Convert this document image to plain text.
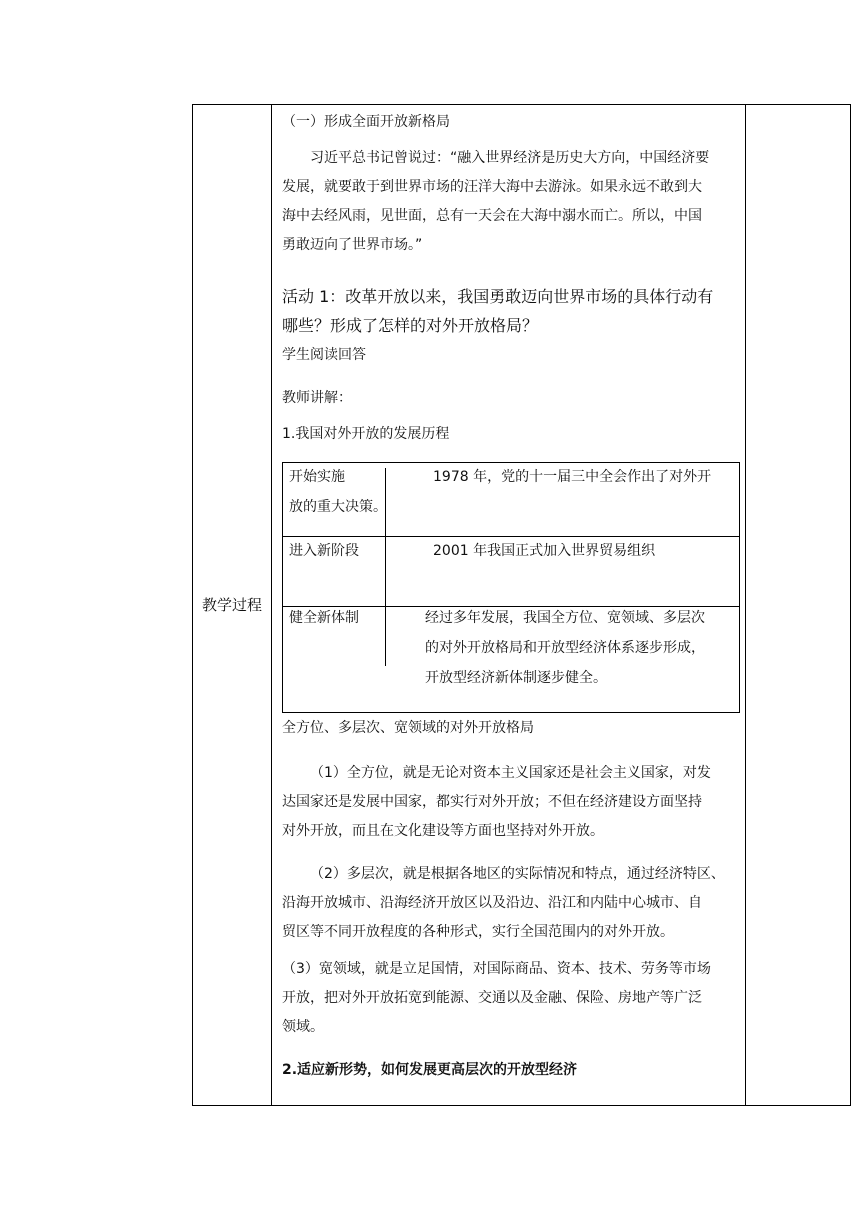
教学过程
（一）形成全面开放新格局
习近平总书记曾说过：“融入世界经济是历史大方向，中国经济要
发展，就要敢于到世界市场的汪洋大海中去游泳。如果永远不敢到大
海中去经风雨，见世面，总有一天会在大海中溺水而亡。所以，中国
勇敢迈向了世界市场。”
活动 1：改革开放以来，我国勇敢迈向世界市场的具体行动有
哪些？形成了怎样的对外开放格局？
学生阅读回答
教师讲解：
1.我国对外开放的发展历程
开始实施
放的重大决策。
1978 年，党的十一届三中全会作出了对外开
进入新阶段	2001 年我国正式加入世界贸易组织
健全新体制	经过多年发展，我国全方位、宽领域、多层次
的对外开放格局和开放型经济体系逐步形成，
开放型经济新体制逐步健全。
全方位、多层次、宽领域的对外开放格局
（1）全方位，就是无论对资本主义国家还是社会主义国家，对发
达国家还是发展中国家，都实行对外开放；不但在经济建设方面坚持
对外开放，而且在文化建设等方面也坚持对外开放。
（2）多层次，就是根据各地区的实际情况和特点，通过经济特区、
沿海开放城市、沿海经济开放区以及沿边、沿江和内陆中心城市、自
贸区等不同开放程度的各种形式，实行全国范围内的对外开放。
（3）宽领域，就是立足国情，对国际商品、资本、技术、劳务等市场
开放，把对外开放拓宽到能源、交通以及金融、保险、房地产等广泛
领域。
2.适应新形势，如何发展更高层次的开放型经济
